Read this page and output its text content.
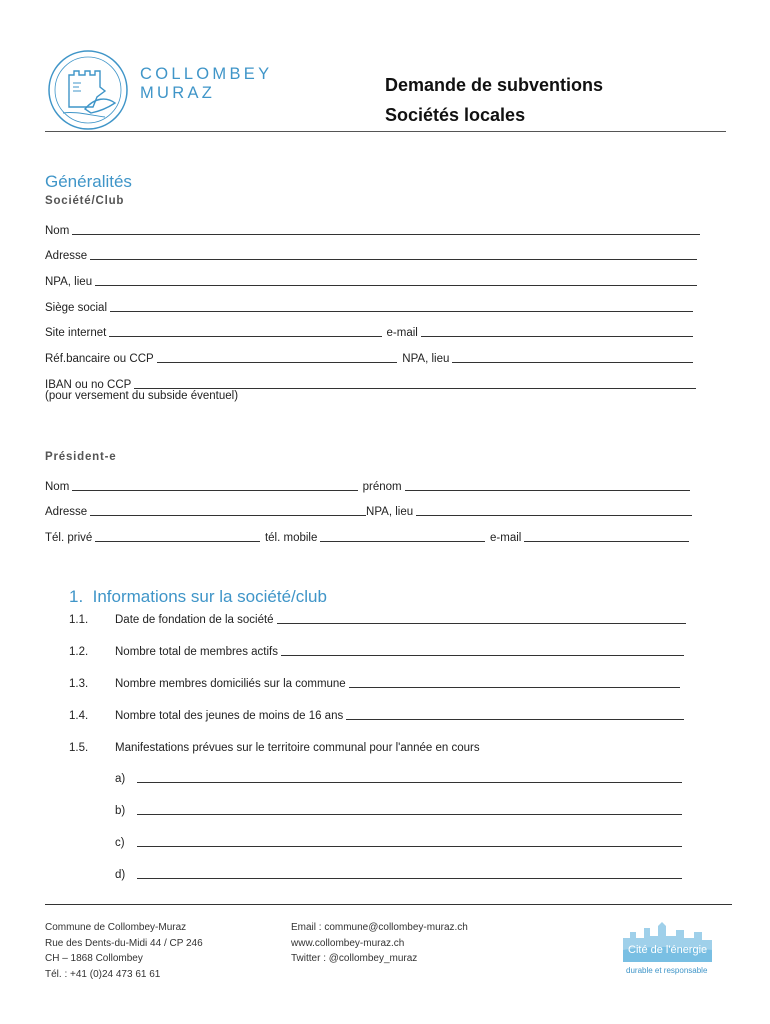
COLLOMBEY
MURAZ	Demande de subventions
Sociétés locales
Généralités
Société/Club
Nom
Adresse
NPA, lieu
Siège social
Site internet	e-mail
Réf.bancaire ou CCP	NPA, lieu
IBAN ou no CCP
(pour versement du subside éventuel)
Président-e
Nom	prénom
Adresse	NPA, lieu
Tél. privé	tél. mobile	e-mail
1.  Informations sur la société/club
1.1.	Date de fondation de la société
1.2.	Nombre total de membres actifs
1.3.	Nombre membres domiciliés sur la commune
1.4.	Nombre total des jeunes de moins de 16 ans
1.5.	Manifestations prévues sur le territoire communal pour l'année en cours
a)
b)
c)
d)
Commune de Collombey-Muraz
Rue des Dents-du-Midi 44 / CP 246
CH – 1868 Collombey
Tél. : +41 (0)24 473 61 61
Email : commune@collombey-muraz.ch
www.collombey-muraz.ch
Twitter : @collombey_muraz
Cité de l'énergie
durable et responsable
